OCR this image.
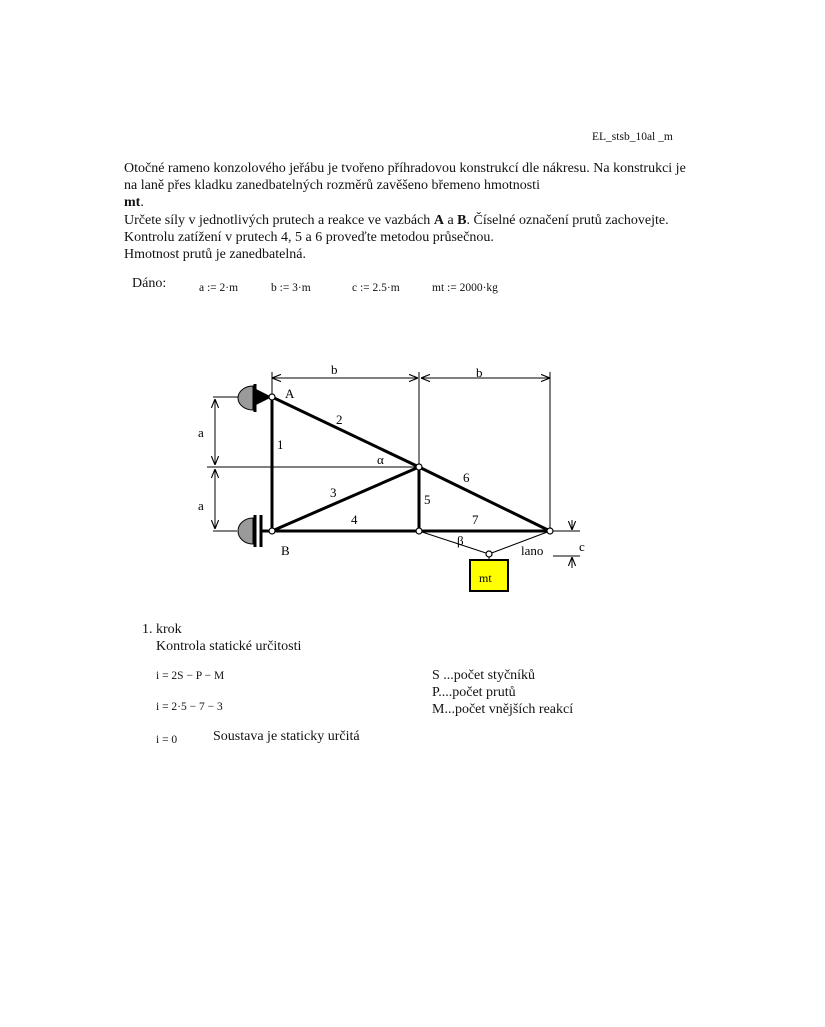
EL_stsb_10al _m

Otočné rameno konzolového jeřábu je tvořeno příhradovou konstrukcí dle nákresu. Na konstrukci je na laně přes kladku zanedbatelných rozměrů zavěšeno břemeno hmotnosti
mt.

Určete síly v jednotlivých prutech a reakce ve vazbách A a B. Číselné označení prutů zachovejte. Kontrolu zatížení v prutech 4, 5 a 6 proveďte metodou průsečnou.

Hmotnost prutů je zanedbatelná.

Dáno:	a := 2·m	b := 3·m	c := 2.5·m	mt := 2000·kg
b	b
a
a
c
A
B
1
2
3
4
5
6
7
α
β
lano
mt
1. krok
Kontrola statické určitosti
i = 2S − P − M
i = 2·5 − 7 − 3
i = 0
S ...počet styčníků
P....počet prutů
M...počet vnějších reakcí
Soustava je staticky určitá
